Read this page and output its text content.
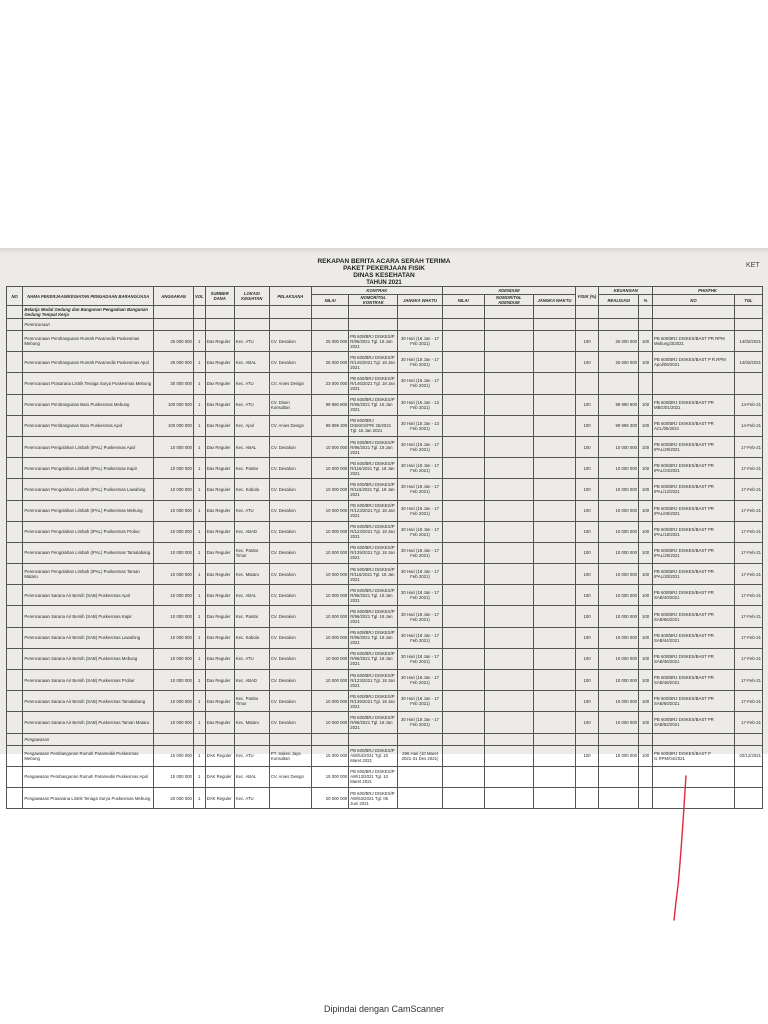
REKAPAN BERITA ACARA SERAH TERIMA
PAKET PEKERJAAN FISIK
DINAS KESEHATAN
TAHUN 2021
NO	NAMA PEKERJAAN/KEGIATAN PENGADAAN BARANG/JASA	ANGGARAN	VOL	SUMBER DANA	LOKASI KEGIATAN	PELAKSANA	KONTRAK			ADENDUM			FISIK (%)	KEUANGAN		PHO/FHK	
							NILAI	NOMOR/TGL KONTRAK	JANGKA WAKTU	NILAI	NOMOR/TGL ADENDUM	JANGKA WAKTU		REALISASI	%	NO	TGL
	Belanja Modal Gedung dan Bangunan Pengadaan Bangunan Gedung Tempat Kerja																
	Perencanaan																
	Perencanaan Pembangunan Rumah Paramedis Puskesmas Mebung	25 000 000	1	Dax Reguler	Kec. ATU	CV. Desakon	25 000 000	PB 600/BRJ DISKES/P R/96/2021 Tgl. 18 Jan 2021	30 Hari (18 Jan - 17 Feb 2021)				100	25 000 000	100	PB 600/BRJ DISKES/BAST PR RPM Mebung/3/2021	14/02/2021
	Perencanaan Pembangunan Rumah Paramedis Puskesmas Apol	25 000 000	1	Dax Reguler	Kec. ABAL	CV. Desakon	25 000 000	PB 600/BRJ DISKES/P R/146/2021 Tgl. 18 Jan 2021	30 Hari (18 Jan - 17 Feb 2021)				100	25 000 000	100	PB 600/BRJ DISKES/BAST P R.RPM Apol/09/2021	14/02/2021
	Perencanaan Prasarana Listrik Tenaga Surya Puskesmas Mebung	30 000 000	1	Dax Reguler	Kec. ATU	CV. Anies Design	23 000 000	PB 600/BRJ DISKES/P R/146/2021 Tgl. 18 Jan 2021	30 Hari (18 Jan - 17 Feb 2021)								
	Perencanaan Pembangunan Baru Puskesmas Mebung	100 000 000	1	Dax Reguler	Kec. ATU	CV. Disen Konsultan	99 990 800	PB 600/BRJ DISKES/P R/96/2021 Tgl. 15 Jan 2021	30 Hari (15 Jan - 13 Feb 2021)				100	99 990 800	100	PB 600/BRJ DISKES/BAST PR MBG/01/2021	14-Feb-21
	Perencanaan Pembangunan Baru Puskesmas Apol	100 000 000	1	Dax Reguler	Kec. Apol	CV. Anies Design	99 999 300	PB 600/BRJ DISKES/PR/ 25/2021 Tgl. 15 Jan 2021	30 Hari (15 Jan - 13 Feb 2021)				100	99 999 300	100	PB 600/BRJ DISKES/BAST PR ACL/05/2021	14-Feb-21
	Perencanaan Pengolahan Limbah (IPAL) Puskesmas Apol	10 000 000	1	Dax Reguler	Kec. ABAL	CV. Desakon	10 000 000	PB 600/BRJ DISKES/P R/96/2021 Tgl. 18 Jan 2021	30 Hari (18 Jan - 17 Feb 2021)				100	10 000 000	100	PB 600/BRJ DISKES/BAST PR IPAL/29/2021	17-Feb-21
	Perencanaan Pengolahan Limbah (IPAL) Puskesmas Kapir	10 000 000	1	Dax Reguler	Kec. Pantar	CV. Desakon	10 000 000	PB 600/BRJ DISKES/P R/116/2021 Tgl. 18 Jan 2021	30 Hari (18 Jan - 17 Feb 2021)				100	10 000 000	100	PB 600/BRJ DISKES/BAST PR IPAL/24/2021	17-Feb-21
	Perencanaan Pengolahan Limbah (IPAL) Puskesmas Lawahing	10 000 000	1	Dax Reguler	Kec. Kabola	CV. Desakon	10 000 000	PB 600/BRJ DISKES/P R/116/2021 Tgl. 18 Jan 2021	30 Hari (18 Jan - 17 Feb 2021)				100	10 000 000	100	PB 600/BRJ DISKES/BAST PR IPAL/12/2021	17-Feb-21
	Perencanaan Pengolahan Limbah (IPAL) Puskesmas Mebung	10 000 000	1	Dax Reguler	Kec. ATU	CV. Desakon	10 000 000	PB 600/BRJ DISKES/P R/123/2021 Tgl. 18 Jan 2021	30 Hari (18 Jan - 17 Feb 2021)				100	10 000 000	100	PB 600/BRJ DISKES/BAST PR IPAL/06/2021	17-Feb-21
	Perencanaan Pengolahan Limbah (IPAL) Puskesmas Probur	10 000 000	1	Dax Reguler	Kec. ABAD	CV. Desakon	10 000 000	PB 600/BRJ DISKES/P R/123/2021 Tgl. 18 Jan 2021	30 Hari (18 Jan - 17 Feb 2021)				100	10 000 000	100	PB 600/BRJ DISKES/BAST PR IPAL/18/2021	17-Feb-21
	Perencanaan Pengolahan Limbah (IPAL) Puskesmas Tamalabang	10 000 000	1	Dax Reguler	Kec. Pantar Timur	CV. Desakon	10 000 000	PB 600/BRJ DISKES/P R/139/2021 Tgl. 18 Jan 2021	30 Hari (18 Jan - 17 Feb 2021)				100	10 000 000	100	PB 600/BRJ DISKES/BAST PR IPAL/29/2021	17-Feb-21
	Perencanaan Pengolahan Limbah (IPAL) Puskesmas Taman Mataru	10 000 000	1	Dax Reguler	Kec. Mataru	CV. Desakon	10 000 000	PB 600/BRJ DISKES/P R/116/2021 Tgl. 18 Jan 2021	30 Hari (18 Jan - 17 Feb 2021)				100	10 000 000	100	PB 600/BRJ DISKES/BAST PR IPAL/30/2021	17-Feb-21
	Perencanaan Sarana Air Bersih (SAB) Puskesmas Apol	10 000 000	1	Dax Reguler	Kec. ABAL	CV. Desakon	10 000 000	PB 600/BRJ DISKES/P R/96/2021 Tgl. 18 Jan 2021	30 Hari (18 Jan - 17 Feb 2021)				100	10 000 000	100	PB 600/BRJ DISKES/BAST PR SAB/40/2021	17-Feb-21
	Perencanaan Sarana Air Bersih (SAB) Puskesmas Kapir	10 000 000	1	Dax Reguler	Kec. Pantar	CV. Desakon	10 000 000	PB 600/BRJ DISKES/P R/96/2021 Tgl. 18 Jan 2021	30 Hari (18 Jan - 17 Feb 2021)				100	10 000 000	100	PB 600/BRJ DISKES/BAST PR SAB/56/2021	17-Feb-21
	Perencanaan Sarana Air Bersih (SAB) Puskesmas Lawahing	10 000 000	1	Dax Reguler	Kec. Kabola	CV. Desakon	10 000 000	PB 600/BRJ DISKES/P R/96/2021 Tgl. 18 Jan 2021	30 Hari (18 Jan - 17 Feb 2021)				100	10 000 000	100	PB 600/BRJ DISKES/BAST PR SAB/44/2021	17-Feb-21
	Perencanaan Sarana Air Bersih (SAB) Puskesmas Mebung	10 000 000	1	Dax Reguler	Kec. ATU	CV. Desakon	10 000 000	PB 600/BRJ DISKES/P R/96/2021 Tgl. 18 Jan 2021	30 Hari (18 Jan - 17 Feb 2021)				100	10 000 000	100	PB 600/BRJ DISKES/BAST PR SAB/36/2021	17-Feb-21
	Perencanaan Sarana Air Bersih (SAB) Puskesmas Probur	10 000 000	1	Dax Reguler	Kec. ABAD	CV. Desakon	10 000 000	PB 600/BRJ DISKES/P R/123/2021 Tgl. 18 Jan 2021	30 Hari (18 Jan - 17 Feb 2021)				100	10 000 000	100	PB 600/BRJ DISKES/BAST PR SAB/48/2021	17-Feb-21
	Perencanaan Sarana Air Bersih (SAB) Puskesmas Tamalabang	10 000 000	1	Dax Reguler	Kec. Pantar Timur	CV. Desakon	10 000 000	PB 600/BRJ DISKES/P R/139/2021 Tgl. 18 Jan 2021	30 Hari (18 Jan - 17 Feb 2021)				100	10 000 000	100	PB 600/BRJ DISKES/BAST PR SAB/60/2021	17-Feb-21
	Perencanaan Sarana Air Bersih (SAB) Puskesmas Taman Mataru	10 000 000	1	Dax Reguler	Kec. Mataru	CV. Desakon	10 000 000	PB 600/BRJ DISKES/P R/96/2021 Tgl. 18 Jan 2021	30 Hari (18 Jan - 17 Feb 2021)				100	10 000 000	100	PB 600/BRJ DISKES/BAST PR SAB/52/2021	17-Feb-21
	Pengawasan																
	Pengawasan Pembangunan Rumah Paramedis Puskesmas Mebung	15 000 000	1	DAK Reguler	Kec. ATU	PT. Sakeri Jaya Konsultan	15 000 000	PB 600/BRJ DISKES/P AW/54/2021 Tgl. 10 Maret 2021	296 Hari (10 Maret 2021-31 Des 2021)				100	15 000 000	100	PB 600/BRJ DISKES/BAST P G.RPM/04/2021	02/12/2021
	Pengawasan Pembangunan Rumah Paramedis Puskesmas Apol	15 000 000	1	DAK Reguler	Kec. ABAL	CV. Anies Design	15 000 000	PB 600/BRJ DISKES/P AW/13/2021 Tgl. 10 Maret 2021									
	Pengawasan Prasarana Listrik Tenaga Surya Puskesmas Mebung	20 000 000	1	DAK Reguler	Kec. ATU		20 000 000	PB 600/BRJ DISKES/P AW/53/2021 Tgl. 06 Juni 2021									
KET
Dipindai dengan CamScanner
